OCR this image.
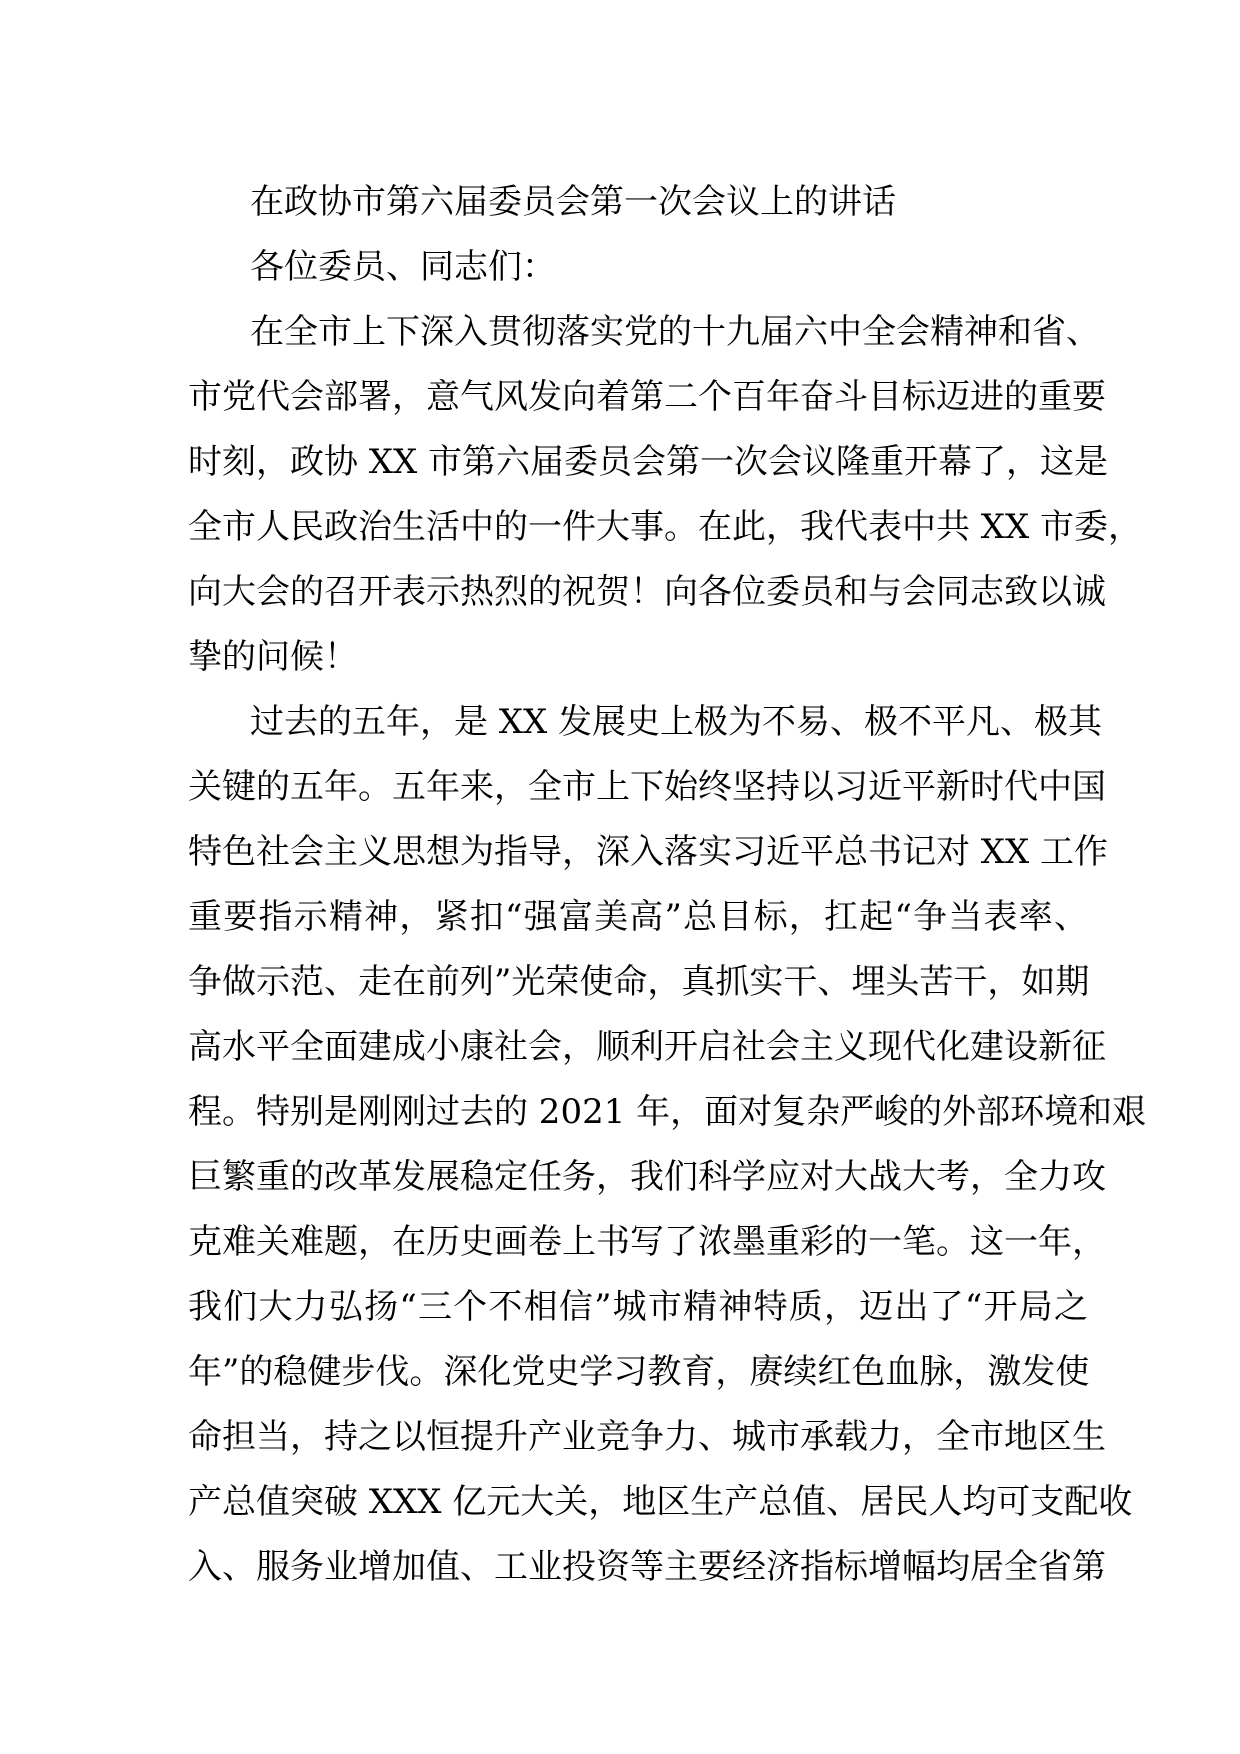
在政协市第六届委员会第一次会议上的讲话
各位委员、同志们：
在全市上下深入贯彻落实党的十九届六中全会精神和省、
市党代会部署，意气风发向着第二个百年奋斗目标迈进的重要
时刻，政协 XX 市第六届委员会第一次会议隆重开幕了，这是
全市人民政治生活中的一件大事。在此，我代表中共 XX 市委，
向大会的召开表示热烈的祝贺！向各位委员和与会同志致以诚
挚的问候！
过去的五年，是 XX 发展史上极为不易、极不平凡、极其
关键的五年。五年来，全市上下始终坚持以习近平新时代中国
特色社会主义思想为指导，深入落实习近平总书记对 XX 工作
重要指示精神，紧扣“强富美高”总目标，扛起“争当表率、
争做示范、走在前列”光荣使命，真抓实干、埋头苦干，如期
高水平全面建成小康社会，顺利开启社会主义现代化建设新征
程。特别是刚刚过去的 2021 年，面对复杂严峻的外部环境和艰
巨繁重的改革发展稳定任务，我们科学应对大战大考，全力攻
克难关难题，在历史画卷上书写了浓墨重彩的一笔。这一年，
我们大力弘扬“三个不相信”城市精神特质，迈出了“开局之
年”的稳健步伐。深化党史学习教育，赓续红色血脉，激发使
命担当，持之以恒提升产业竞争力、城市承载力，全市地区生
产总值突破 XXX 亿元大关，地区生产总值、居民人均可支配收
入、服务业增加值、工业投资等主要经济指标增幅均居全省第
